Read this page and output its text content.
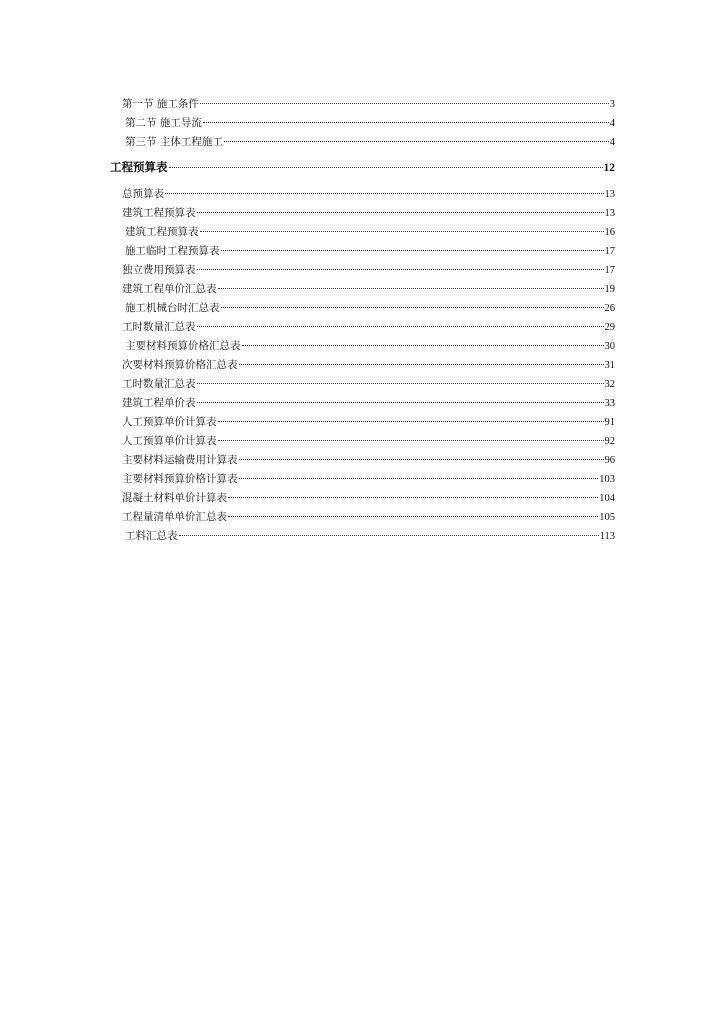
第一节 施工条件	3
第二节 施工导流	4
第三节 主体工程施工	4
工程预算表	12
总预算表	13
建筑工程预算表	13
建筑工程预算表	16
施工临时工程预算表	17
独立费用预算表	17
建筑工程单价汇总表	19
施工机械台时汇总表	26
工时数量汇总表	29
主要材料预算价格汇总表	30
次要材料预算价格汇总表	31
工时数量汇总表	32
建筑工程单价表	33
人工预算单价计算表	91
人工预算单价计算表	92
主要材料运输费用计算表	96
主要材料预算价格计算表	103
混凝土材料单价计算表	104
工程量清单单价汇总表	105
工料汇总表	113
